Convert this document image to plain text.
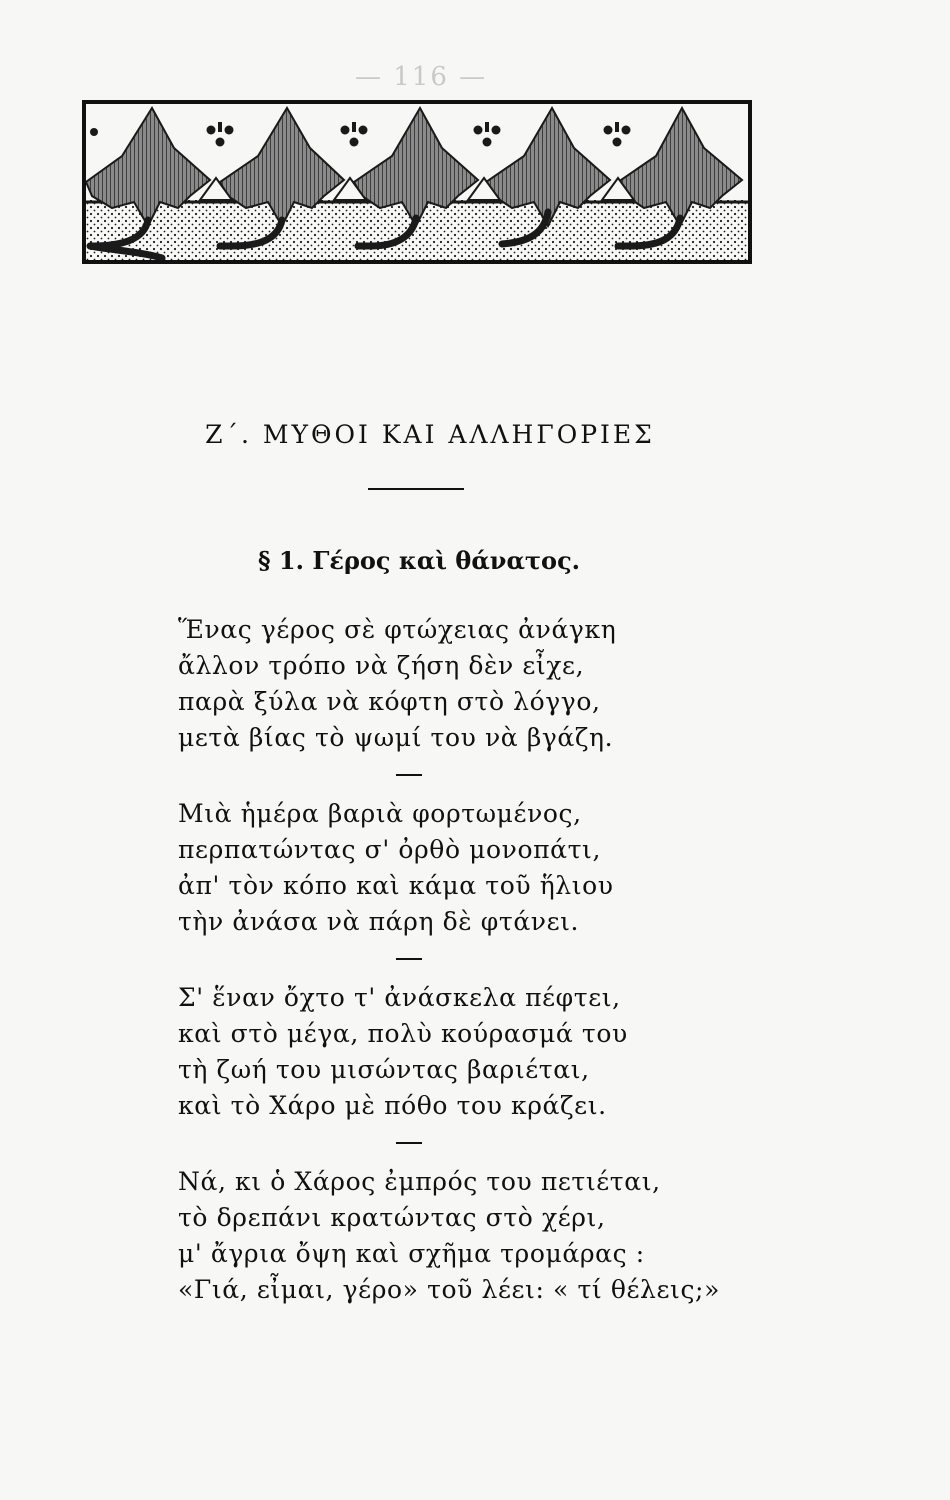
— 116 —
Ζ΄. ΜΥΘΟΙ ΚΑΙ ΑΛΛΗΓΟΡΙΕΣ
§ 1. Γέρος καὶ θάνατος.
Ἕνας γέρος σὲ φτώχειας ἀνάγκη
ἄλλον τρόπο νὰ ζήση δὲν εἶχε,
παρὰ ξύλα νὰ κόφτη στὸ λόγγο,
μετὰ βίας τὸ ψωμί του νὰ βγάζη.
Μιὰ ἡμέρα βαριὰ φορτωμένος,
περπατώντας σ' ὀρθὸ μονοπάτι,
ἀπ' τὸν κόπο καὶ κάμα τοῦ ἥλιου
τὴν ἀνάσα νὰ πάρη δὲ φτάνει.
Σ' ἕναν ὄχτο τ' ἀνάσκελα πέφτει,
καὶ στὸ μέγα, πολὺ κούρασμά του
τὴ ζωή του μισώντας βαριέται,
καὶ τὸ Χάρο μὲ πόθο του κράζει.
Νά, κι ὁ Χάρος ἐμπρός του πετιέται,
τὸ δρεπάνι κρατώντας στὸ χέρι,
μ' ἄγρια ὄψη καὶ σχῆμα τρομάρας :
«Γιά, εἶμαι, γέρο» τοῦ λέει: « τί θέλεις;»
